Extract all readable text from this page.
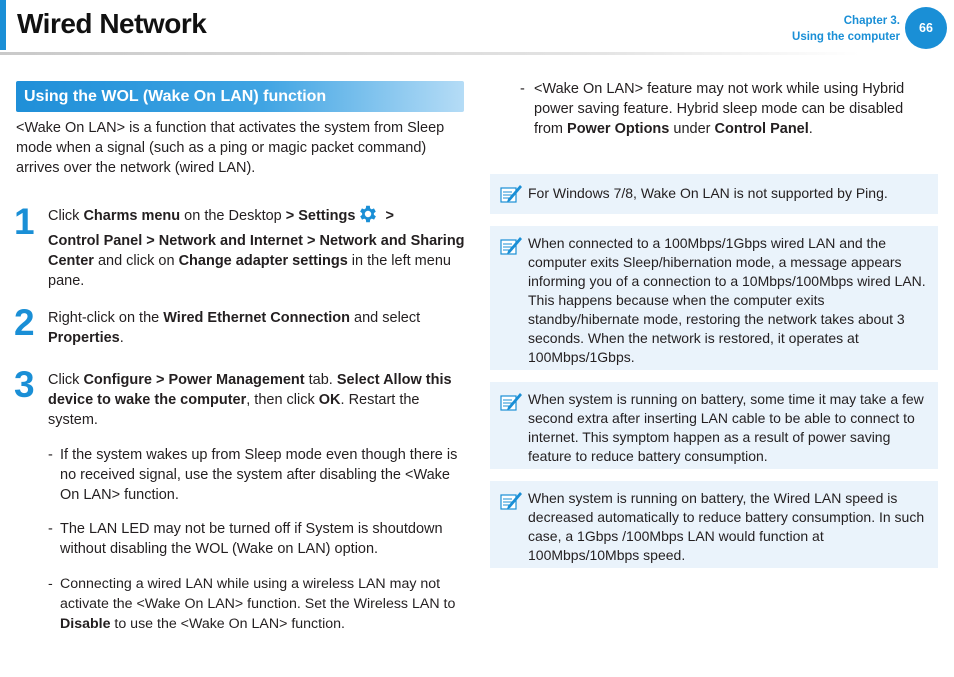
Wired Network	Chapter 3.
Using the computer
66
Using the WOL (Wake On LAN) function
<Wake On LAN> is a function that activates the system from Sleep mode when a signal (such as a ping or magic packet command) arrives over the network (wired LAN).
1 Click Charms menu on the Desktop > Settings >
Control Panel > Network and Internet > Network and Sharing Center and click on Change adapter settings in the left menu pane.
2 Right-click on the Wired Ethernet Connection and select Properties.
3 Click Configure > Power Management tab. Select Allow this device to wake the computer, then click OK. Restart the system.
- If the system wakes up from Sleep mode even though there is no received signal, use the system after disabling the <Wake On LAN> function.
- The LAN LED may not be turned off if System is shoutdown without disabling the WOL (Wake on LAN) option.
- Connecting a wired LAN while using a wireless LAN may not activate the <Wake On LAN> function. Set the Wireless LAN to Disable to use the <Wake On LAN> function.
- <Wake On LAN> feature may not work while using Hybrid power saving feature. Hybrid sleep mode can be disabled from Power Options under Control Panel.
For Windows 7/8, Wake On LAN is not supported by Ping.
When connected to a 100Mbps/1Gbps wired LAN and the computer exits Sleep/hibernation mode, a message appears informing you of a connection to a 10Mbps/100Mbps wired LAN. This happens because when the computer exits standby/hibernate mode, restoring the network takes about 3 seconds. When the network is restored, it operates at 100Mbps/1Gbps.
When system is running on battery, some time it may take a few second extra after inserting LAN cable to be able to connect to internet. This symptom happen as a result of power saving feature to reduce battery consumption.
When system is running on battery, the Wired LAN speed is decreased automatically to reduce battery consumption. In such case, a 1Gbps /100Mbps LAN would function at 100Mbps/10Mbps speed.
